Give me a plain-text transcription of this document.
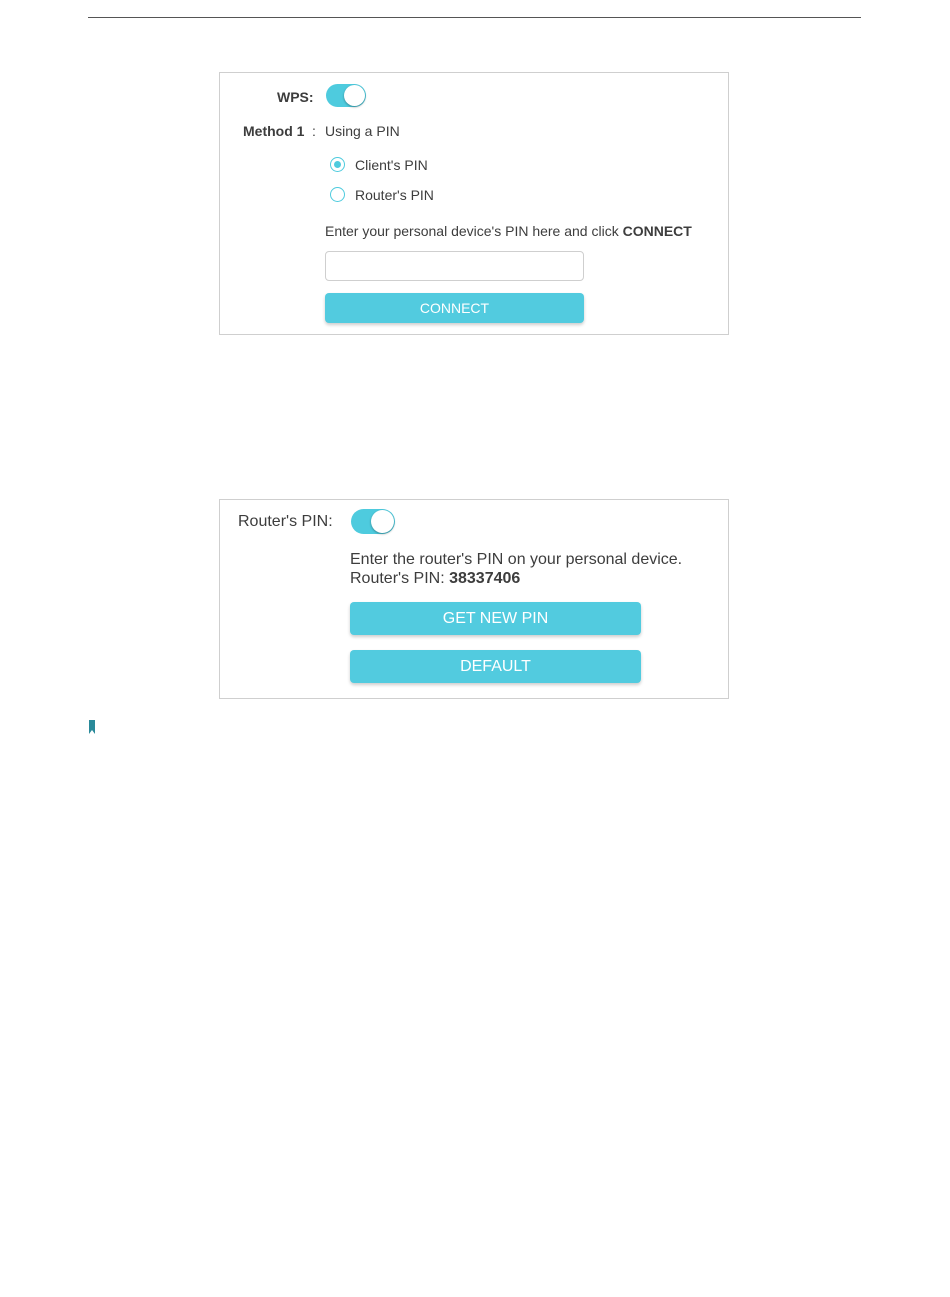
WPS:
Method 1 : Using a PIN
Client's PIN
Router's PIN
Enter your personal device's PIN here and click CONNECT
CONNECT
Router's PIN:
Enter the router's PIN on your personal device.
Router's PIN: 38337406
GET NEW PIN
DEFAULT
